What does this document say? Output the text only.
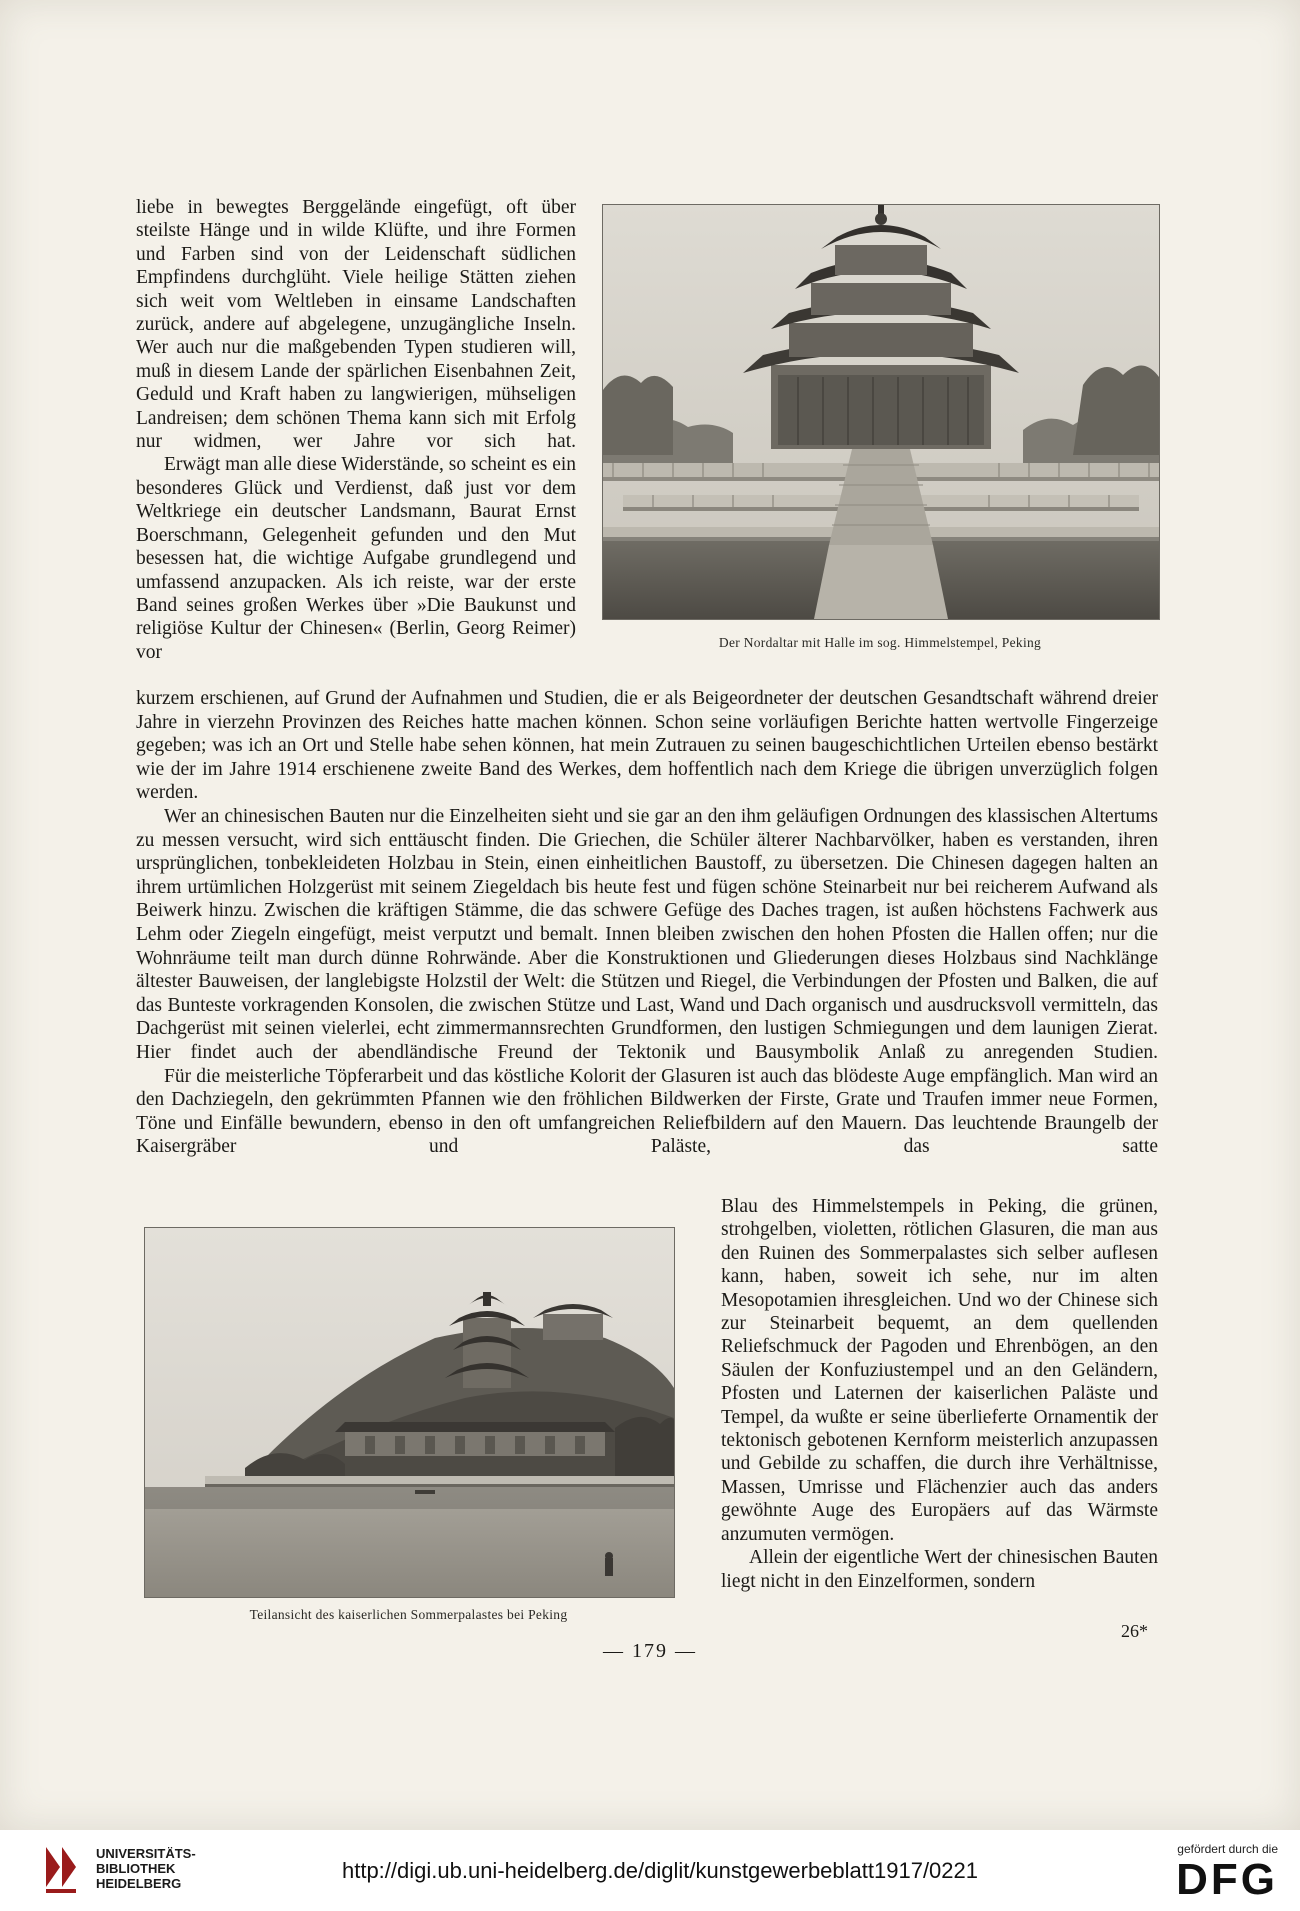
liebe in bewegtes Berggelände eingefügt, oft über steilste Hänge und in wilde Klüfte, und ihre Formen und Farben sind von der Leidenschaft südlichen Empfindens durchglüht. Viele heilige Stätten ziehen sich weit vom Weltleben in einsame Landschaften zurück, andere auf abgelegene, unzugängliche Inseln. Wer auch nur die maßgebenden Typen studieren will, muß in diesem Lande der spärlichen Eisenbahnen Zeit, Geduld und Kraft haben zu langwierigen, mühseligen Landreisen; dem schönen Thema kann sich mit Erfolg nur widmen, wer Jahre vor sich hat.

Erwägt man alle diese Widerstände, so scheint es ein besonderes Glück und Verdienst, daß just vor dem Weltkriege ein deutscher Landsmann, Baurat Ernst Boerschmann, Gelegenheit gefunden und den Mut besessen hat, die wichtige Aufgabe grundlegend und umfassend anzupacken. Als ich reiste, war der erste Band seines großen Werkes über »Die Baukunst und religiöse Kultur der Chinesen« (Berlin, Georg Reimer) vor	Der Nordaltar mit Halle im sog. Himmelstempel, Peking

kurzem erschienen, auf Grund der Aufnahmen und Studien, die er als Beigeordneter der deutschen Gesandtschaft während dreier Jahre in vierzehn Provinzen des Reiches hatte machen können. Schon seine vorläufigen Berichte hatten wertvolle Fingerzeige gegeben; was ich an Ort und Stelle habe sehen können, hat mein Zutrauen zu seinen baugeschichtlichen Urteilen ebenso bestärkt wie der im Jahre 1914 erschienene zweite Band des Werkes, dem hoffentlich nach dem Kriege die übrigen unverzüglich folgen werden.

Wer an chinesischen Bauten nur die Einzelheiten sieht und sie gar an den ihm geläufigen Ordnungen des klassischen Altertums zu messen versucht, wird sich enttäuscht finden. Die Griechen, die Schüler älterer Nachbarvölker, haben es verstanden, ihren ursprünglichen, tonbekleideten Holzbau in Stein, einen einheitlichen Baustoff, zu übersetzen. Die Chinesen dagegen halten an ihrem urtümlichen Holzgerüst mit seinem Ziegeldach bis heute fest und fügen schöne Steinarbeit nur bei reicherem Aufwand als Beiwerk hinzu. Zwischen die kräftigen Stämme, die das schwere Gefüge des Daches tragen, ist außen höchstens Fachwerk aus Lehm oder Ziegeln eingefügt, meist verputzt und bemalt. Innen bleiben zwischen den hohen Pfosten die Hallen offen; nur die Wohnräume teilt man durch dünne Rohrwände. Aber die Konstruktionen und Gliederungen dieses Holzbaus sind Nachklänge ältester Bauweisen, der langlebigste Holzstil der Welt: die Stützen und Riegel, die Verbindungen der Pfosten und Balken, die auf das Bunteste vorkragenden Konsolen, die zwischen Stütze und Last, Wand und Dach organisch und ausdrucksvoll vermitteln, das Dachgerüst mit seinen vielerlei, echt zimmermannsrechten Grundformen, den lustigen Schmiegungen und dem launigen Zierat. Hier findet auch der abendländische Freund der Tektonik und Bausymbolik Anlaß zu anregenden Studien.

Für die meisterliche Töpferarbeit und das köstliche Kolorit der Glasuren ist auch das blödeste Auge empfänglich. Man wird an den Dachziegeln, den gekrümmten Pfannen wie den fröhlichen Bildwerken der Firste, Grate und Traufen immer neue Formen, Töne und Einfälle bewundern, ebenso in den oft umfangreichen Reliefbildern auf den Mauern. Das leuchtende Braungelb der Kaisergräber und Paläste, das satte

Teilansicht des kaiserlichen Sommerpalastes bei Peking

Blau des Himmelstempels in Peking, die grünen, strohgelben, violetten, rötlichen Glasuren, die man aus den Ruinen des Sommerpalastes sich selber auflesen kann, haben, soweit ich sehe, nur im alten Mesopotamien ihresgleichen. Und wo der Chinese sich zur Steinarbeit bequemt, an dem quellenden Reliefschmuck der Pagoden und Ehrenbögen, an den Säulen der Konfuziustempel und an den Geländern, Pfosten und Laternen der kaiserlichen Paläste und Tempel, da wußte er seine überlieferte Ornamentik der tektonisch gebotenen Kernform meisterlich anzupassen und Gebilde zu schaffen, die durch ihre Verhältnisse, Massen, Umrisse und Flächenzier auch das anders gewöhnte Auge des Europäers auf das Wärmste anzumuten vermögen.

Allein der eigentliche Wert der chinesischen Bauten liegt nicht in den Einzelformen, sondern

26*
— 179 —
UNIVERSITÄTS-
BIBLIOTHEK
HEIDELBERG
http://digi.ub.uni-heidelberg.de/diglit/kunstgewerbeblatt1917/0221
gefördert durch die
DFG
